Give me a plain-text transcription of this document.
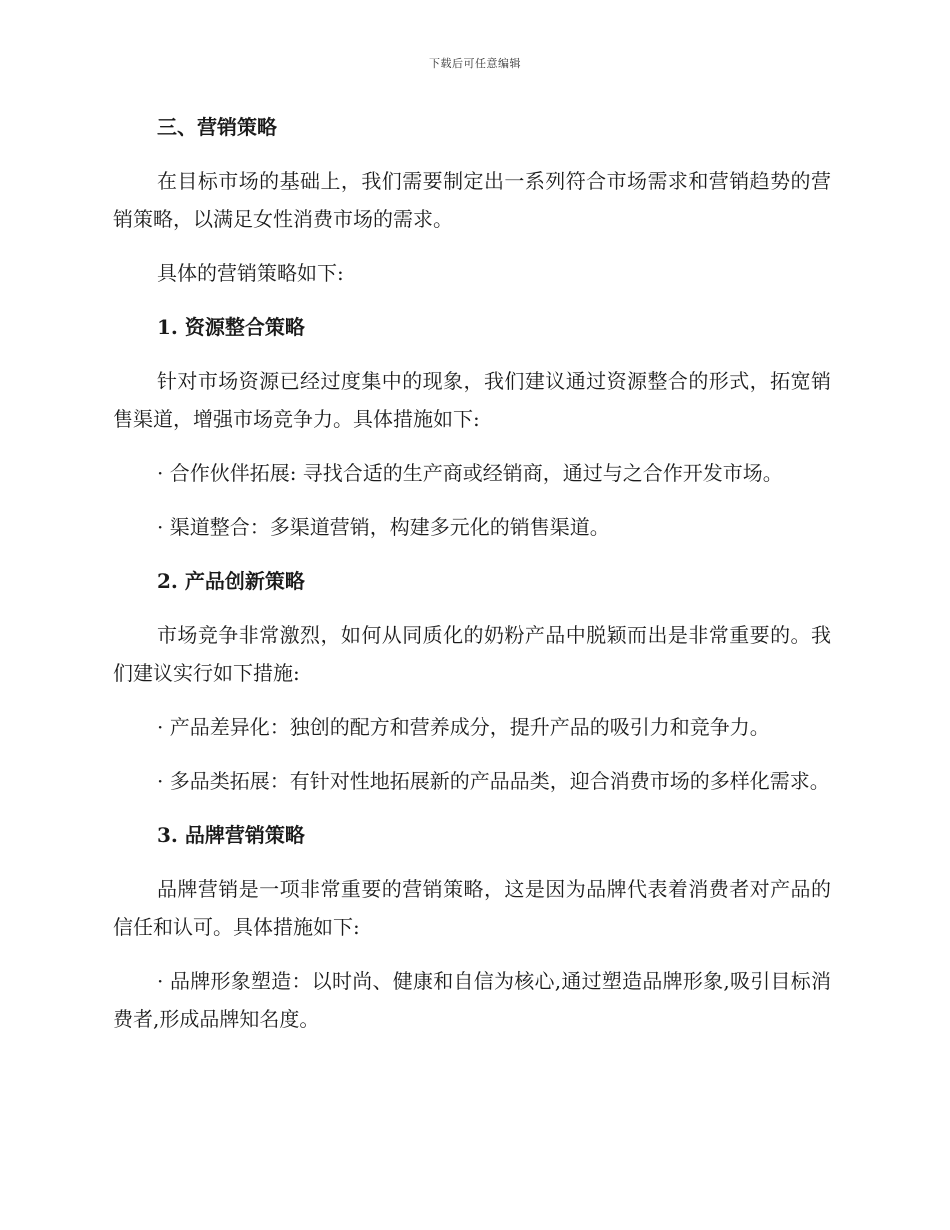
下载后可任意编辑
三、营销策略
在目标市场的基础上，我们需要制定出一系列符合市场需求和营销趋势的营销策略，以满足女性消费市场的需求。
具体的营销策略如下:
1. 资源整合策略
针对市场资源已经过度集中的现象，我们建议通过资源整合的形式，拓宽销售渠道，增强市场竞争力。具体措施如下:
· 合作伙伴拓展: 寻找合适的生产商或经销商，通过与之合作开发市场。
· 渠道整合：多渠道营销，构建多元化的销售渠道。
2. 产品创新策略
市场竞争非常激烈，如何从同质化的奶粉产品中脱颖而出是非常重要的。我们建议实行如下措施:
· 产品差异化：独创的配方和营养成分，提升产品的吸引力和竞争力。
· 多品类拓展：有针对性地拓展新的产品品类，迎合消费市场的多样化需求。
3. 品牌营销策略
品牌营销是一项非常重要的营销策略，这是因为品牌代表着消费者对产品的信任和认可。具体措施如下:
· 品牌形象塑造：以时尚、健康和自信为核心,通过塑造品牌形象,吸引目标消费者,形成品牌知名度。
